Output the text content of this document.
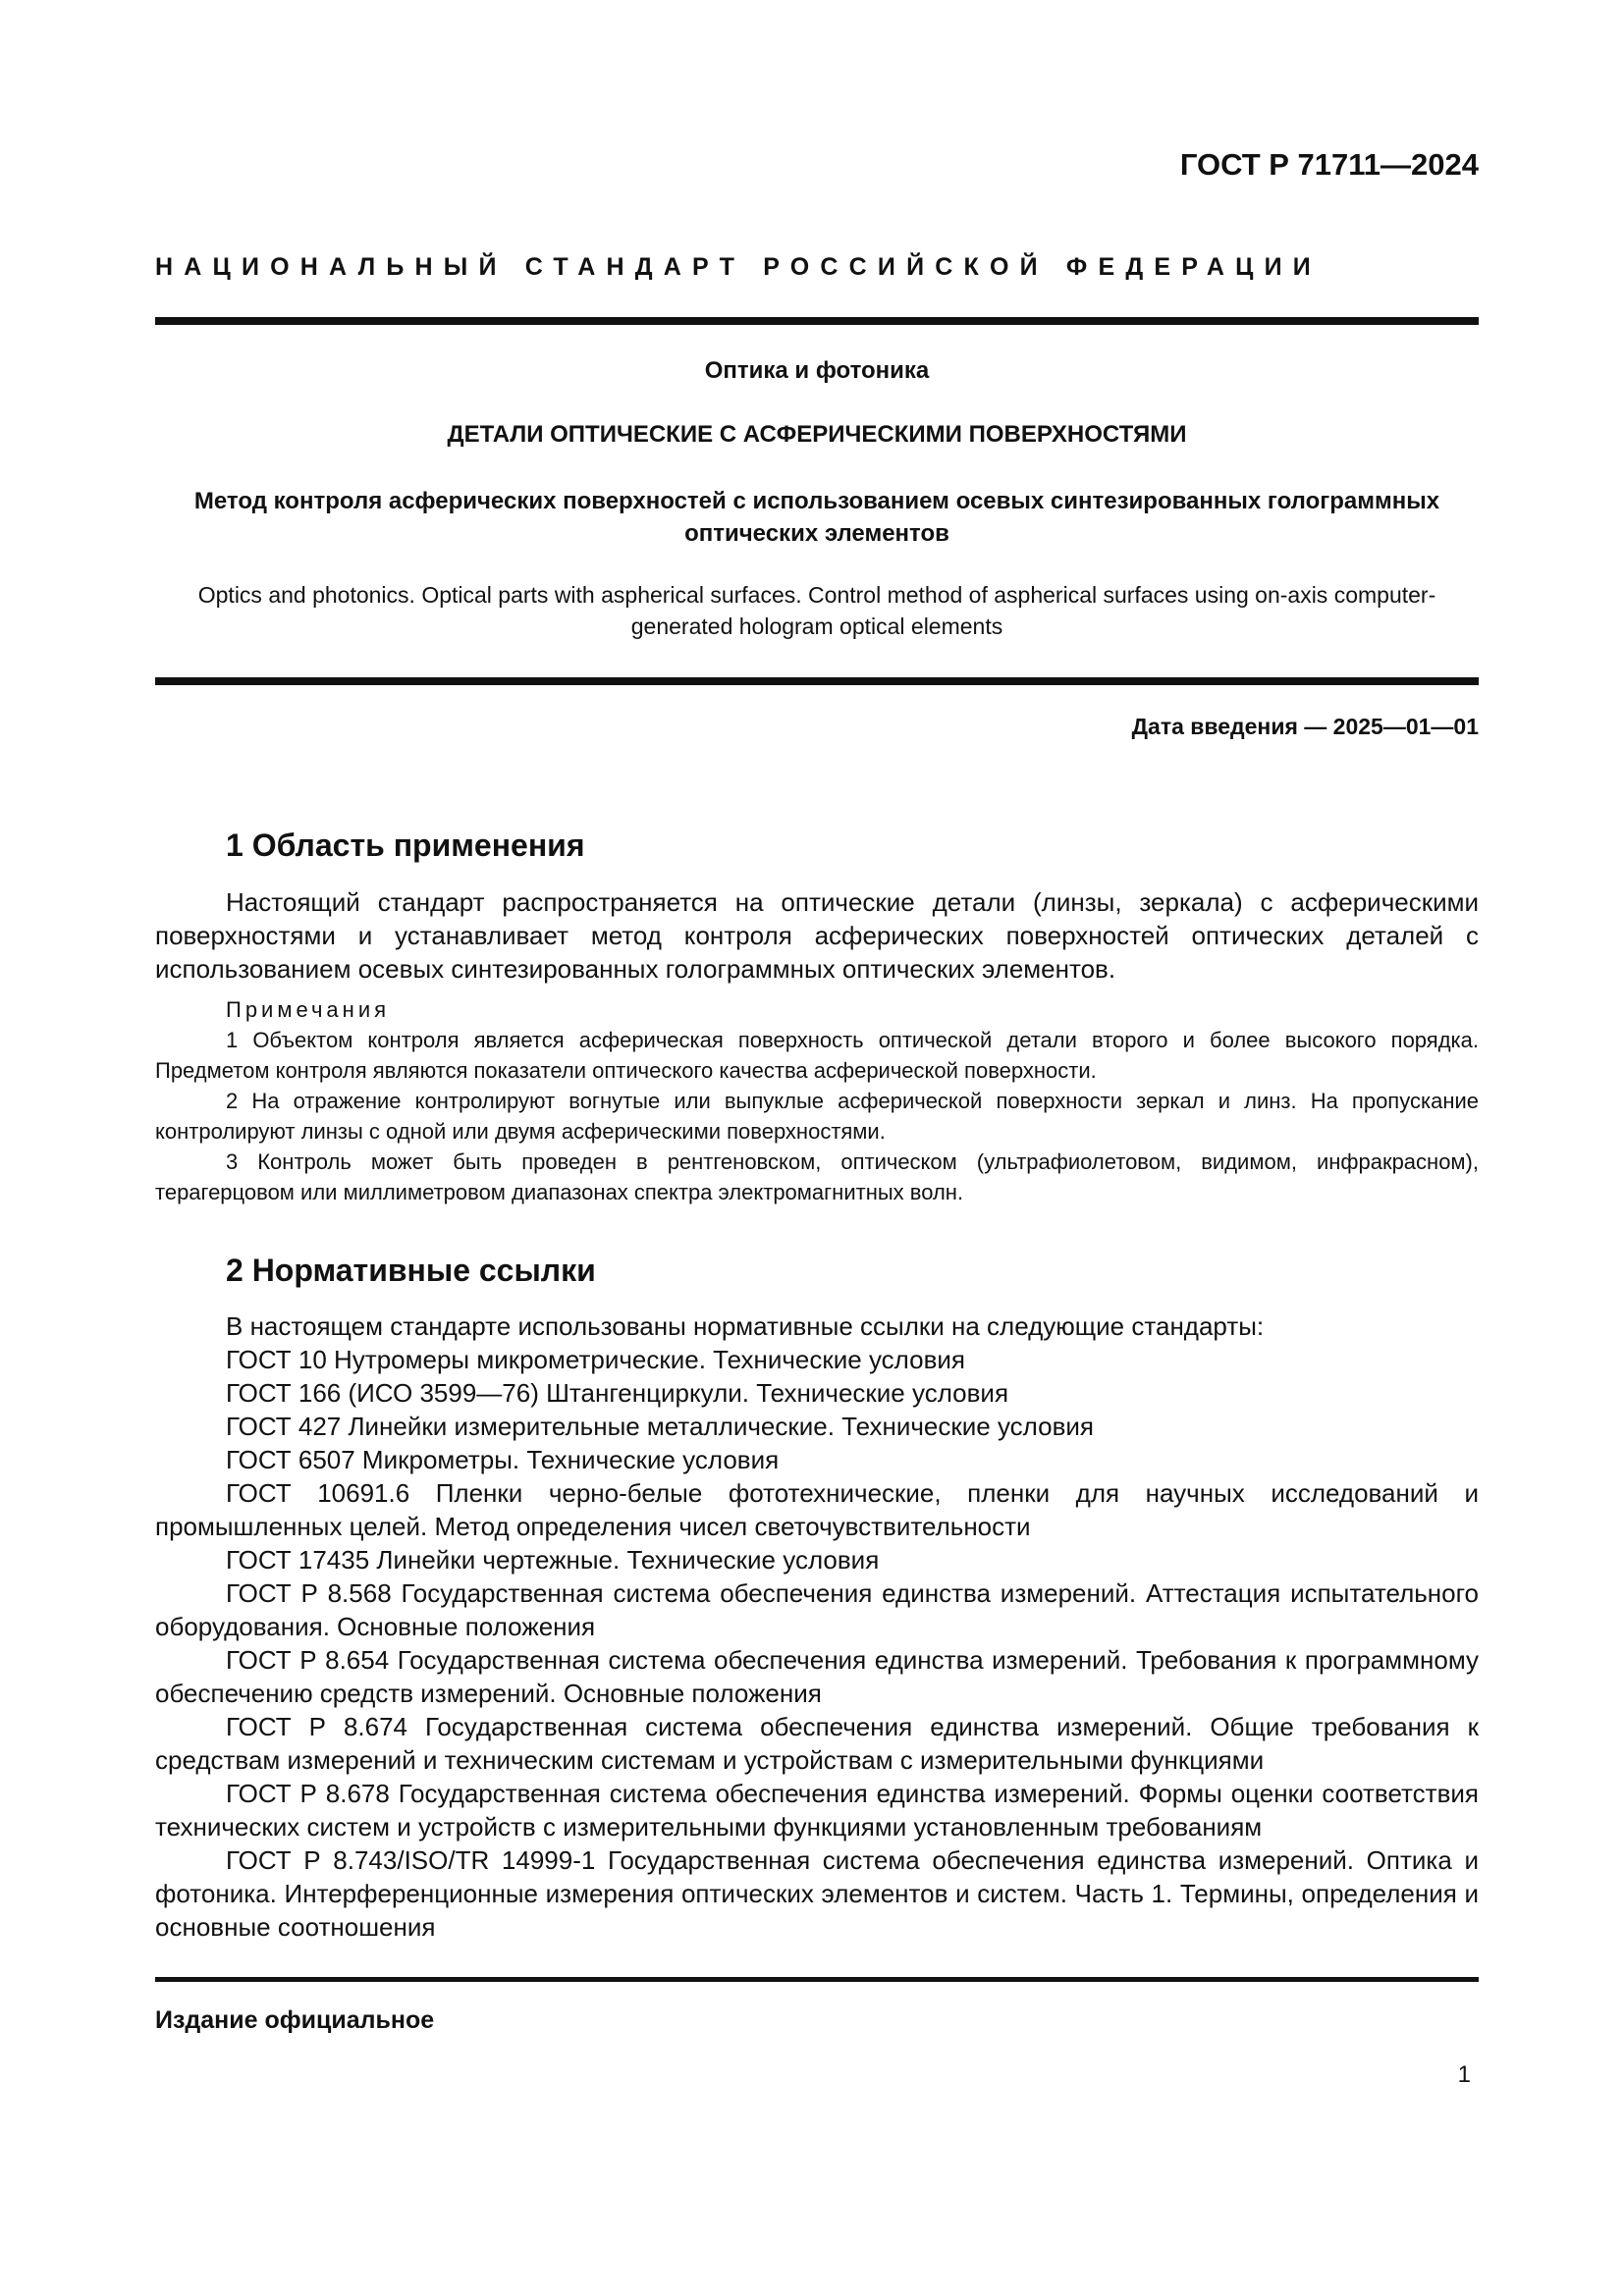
ГОСТ Р 71711—2024

НАЦИОНАЛЬНЫЙ СТАНДАРТ РОССИЙСКОЙ ФЕДЕРАЦИИ

Оптика и фотоника

ДЕТАЛИ ОПТИЧЕСКИЕ С АСФЕРИЧЕСКИМИ ПОВЕРХНОСТЯМИ

Метод контроля асферических поверхностей с использованием осевых синтезированных голограммных оптических элементов

Optics and photonics. Optical parts with aspherical surfaces. Control method of aspherical surfaces using on-axis computer-generated hologram optical elements

Дата введения — 2025—01—01

1 Область применения

Настоящий стандарт распространяется на оптические детали (линзы, зеркала) с асферическими поверхностями и устанавливает метод контроля асферических поверхностей оптических деталей с использованием осевых синтезированных голограммных оптических элементов.

Примечания

1 Объектом контроля является асферическая поверхность оптической детали второго и более высокого порядка. Предметом контроля являются показатели оптического качества асферической поверхности.

2 На отражение контролируют вогнутые или выпуклые асферической поверхности зеркал и линз. На пропускание контролируют линзы с одной или двумя асферическими поверхностями.

3 Контроль может быть проведен в рентгеновском, оптическом (ультрафиолетовом, видимом, инфракрасном), терагерцовом или миллиметровом диапазонах спектра электромагнитных волн.

2 Нормативные ссылки

В настоящем стандарте использованы нормативные ссылки на следующие стандарты:

ГОСТ 10 Нутромеры микрометрические. Технические условия

ГОСТ 166 (ИСО 3599—76) Штангенциркули. Технические условия

ГОСТ 427 Линейки измерительные металлические. Технические условия

ГОСТ 6507 Микрометры. Технические условия

ГОСТ 10691.6 Пленки черно-белые фототехнические, пленки для научных исследований и промышленных целей. Метод определения чисел светочувствительности

ГОСТ 17435 Линейки чертежные. Технические условия

ГОСТ Р 8.568 Государственная система обеспечения единства измерений. Аттестация испытательного оборудования. Основные положения

ГОСТ Р 8.654 Государственная система обеспечения единства измерений. Требования к программному обеспечению средств измерений. Основные положения

ГОСТ Р 8.674 Государственная система обеспечения единства измерений. Общие требования к средствам измерений и техническим системам и устройствам с измерительными функциями

ГОСТ Р 8.678 Государственная система обеспечения единства измерений. Формы оценки соответствия технических систем и устройств с измерительными функциями установленным требованиям

ГОСТ Р 8.743/ISO/TR 14999-1 Государственная система обеспечения единства измерений. Оптика и фотоника. Интерференционные измерения оптических элементов и систем. Часть 1. Термины, определения и основные соотношения

Издание официальное

1
